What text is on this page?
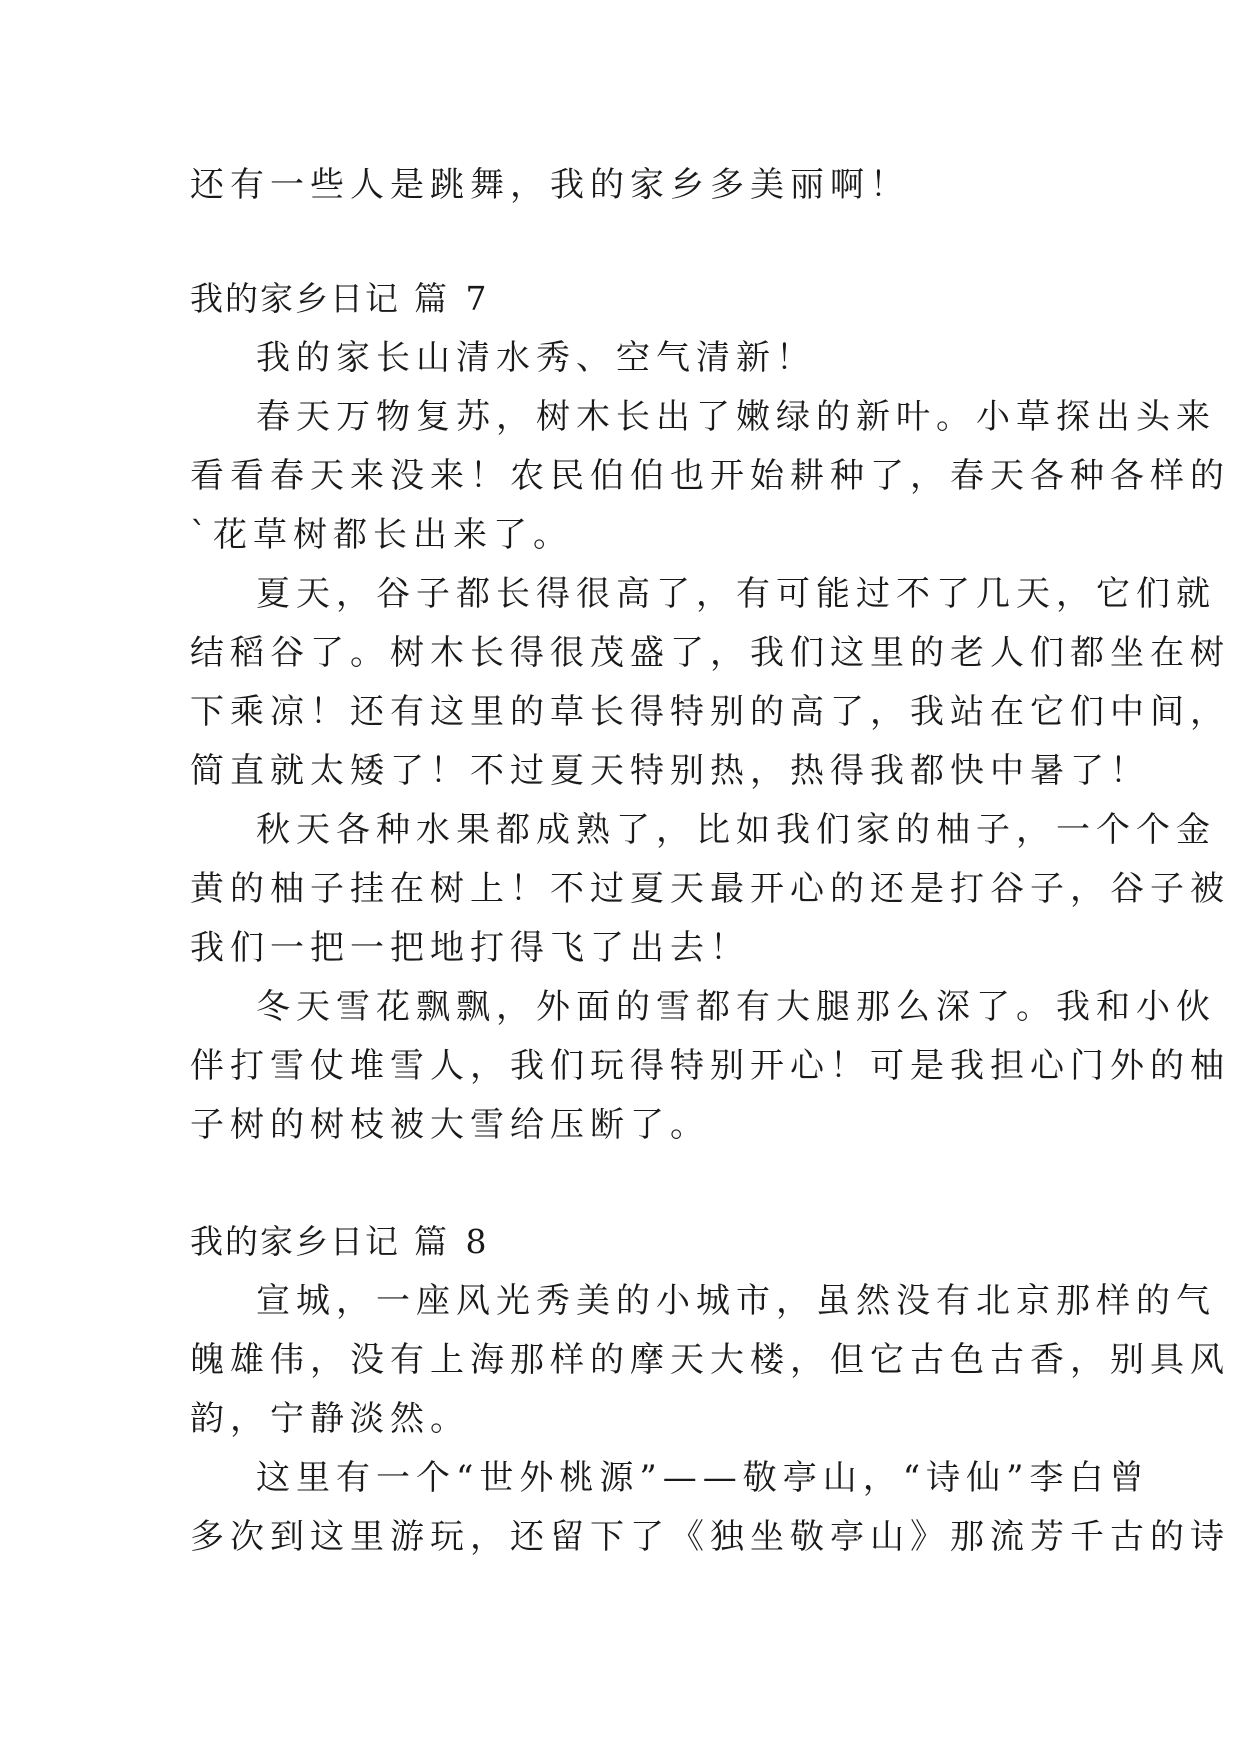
还有一些人是跳舞，我的家乡多美丽啊！
我的家乡日记 篇 7
我的家长山清水秀、空气清新！
春天万物复苏，树木长出了嫩绿的新叶。小草探出头来
看看春天来没来！农民伯伯也开始耕种了，春天各种各样的
`花草树都长出来了。
夏天，谷子都长得很高了，有可能过不了几天，它们就
结稻谷了。树木长得很茂盛了，我们这里的老人们都坐在树
下乘凉！还有这里的草长得特别的高了，我站在它们中间，
简直就太矮了！不过夏天特别热，热得我都快中暑了！
秋天各种水果都成熟了，比如我们家的柚子，一个个金
黄的柚子挂在树上！不过夏天最开心的还是打谷子，谷子被
我们一把一把地打得飞了出去！
冬天雪花飘飘，外面的雪都有大腿那么深了。我和小伙
伴打雪仗堆雪人，我们玩得特别开心！可是我担心门外的柚
子树的树枝被大雪给压断了。
我的家乡日记 篇 8
宣城，一座风光秀美的小城市，虽然没有北京那样的气
魄雄伟，没有上海那样的摩天大楼，但它古色古香，别具风
韵，宁静淡然。
这里有一个“世外桃源”——敬亭山，“诗仙”李白曾
多次到这里游玩，还留下了《独坐敬亭山》那流芳千古的诗
